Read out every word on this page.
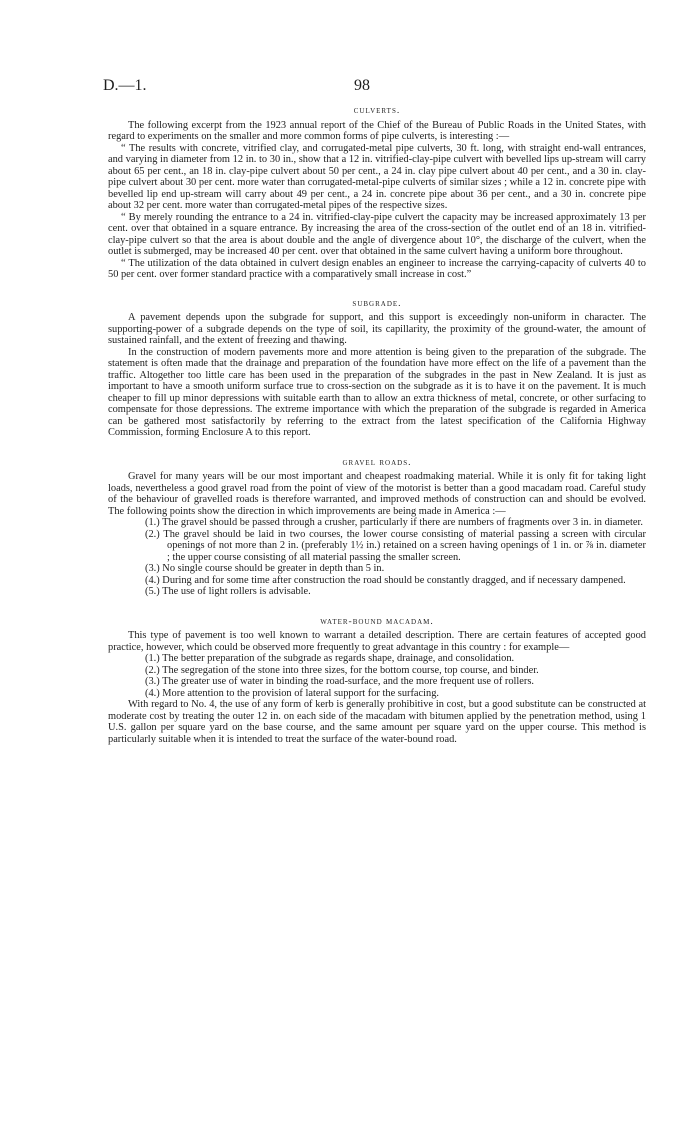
D.—1.	98
culverts.

The following excerpt from the 1923 annual report of the Chief of the Bureau of Public Roads in the United States, with regard to experiments on the smaller and more common forms of pipe culverts, is interesting :—

“ The results with concrete, vitrified clay, and corrugated-metal pipe culverts, 30 ft. long, with straight end-wall entrances, and varying in diameter from 12 in. to 30 in., show that a 12 in. vitrified-clay-pipe culvert with bevelled lips up-stream will carry about 65 per cent., an 18 in. clay-pipe culvert about 50 per cent., a 24 in. clay pipe culvert about 40 per cent., and a 30 in. clay-pipe culvert about 30 per cent. more water than corrugated-metal-pipe culverts of similar sizes ; while a 12 in. concrete pipe with bevelled lip end up-stream will carry about 49 per cent., a 24 in. concrete pipe about 36 per cent., and a 30 in. concrete pipe about 32 per cent. more water than corrugated-metal pipes of the respective sizes.

“ By merely rounding the entrance to a 24 in. vitrified-clay-pipe culvert the capacity may be increased approximately 13 per cent. over that obtained in a square entrance. By increasing the area of the cross-section of the outlet end of an 18 in. vitrified-clay-pipe culvert so that the area is about double and the angle of divergence about 10°, the discharge of the culvert, when the outlet is submerged, may be increased 40 per cent. over that obtained in the same culvert having a uniform bore throughout.

“ The utilization of the data obtained in culvert design enables an engineer to increase the carrying-capacity of culverts 40 to 50 per cent. over former standard practice with a comparatively small increase in cost.”

subgrade.

A pavement depends upon the subgrade for support, and this support is exceedingly non-uniform in character. The supporting-power of a subgrade depends on the type of soil, its capillarity, the proximity of the ground-water, the amount of sustained rainfall, and the extent of freezing and thawing.

In the construction of modern pavements more and more attention is being given to the preparation of the subgrade. The statement is often made that the drainage and preparation of the foundation have more effect on the life of a pavement than the traffic. Altogether too little care has been used in the preparation of the subgrades in the past in New Zealand. It is just as important to have a smooth uniform surface true to cross-section on the subgrade as it is to have it on the pavement. It is much cheaper to fill up minor depressions with suitable earth than to allow an extra thickness of metal, concrete, or other surfacing to compensate for those depressions. The extreme importance with which the preparation of the subgrade is regarded in America can be gathered most satisfactorily by referring to the extract from the latest specification of the California Highway Commission, forming Enclosure A to this report.

gravel roads.

Gravel for many years will be our most important and cheapest roadmaking material. While it is only fit for taking light loads, nevertheless a good gravel road from the point of view of the motorist is better than a good macadam road. Careful study of the behaviour of gravelled roads is therefore warranted, and improved methods of construction can and should be evolved. The following points show the direction in which improvements are being made in America :—

(1.) The gravel should be passed through a crusher, particularly if there are numbers of fragments over 3 in. in diameter.
(2.) The gravel should be laid in two courses, the lower course consisting of material passing a screen with circular openings of not more than 2 in. (preferably 1½ in.) retained on a screen having openings of 1 in. or ⅞ in. diameter ; the upper course consisting of all material passing the smaller screen.
(3.) No single course should be greater in depth than 5 in.
(4.) During and for some time after construction the road should be constantly dragged, and if necessary dampened.
(5.) The use of light rollers is advisable.
water-bound macadam.

This type of pavement is too well known to warrant a detailed description. There are certain features of accepted good practice, however, which could be observed more frequently to great advantage in this country : for example—

(1.) The better preparation of the subgrade as regards shape, drainage, and consolidation.
(2.) The segregation of the stone into three sizes, for the bottom course, top course, and binder.
(3.) The greater use of water in binding the road-surface, and the more frequent use of rollers.
(4.) More attention to the provision of lateral support for the surfacing.

With regard to No. 4, the use of any form of kerb is generally prohibitive in cost, but a good substitute can be constructed at moderate cost by treating the outer 12 in. on each side of the macadam with bitumen applied by the penetration method, using 1 U.S. gallon per square yard on the base course, and the same amount per square yard on the upper course. This method is particularly suitable when it is intended to treat the surface of the water-bound road.
